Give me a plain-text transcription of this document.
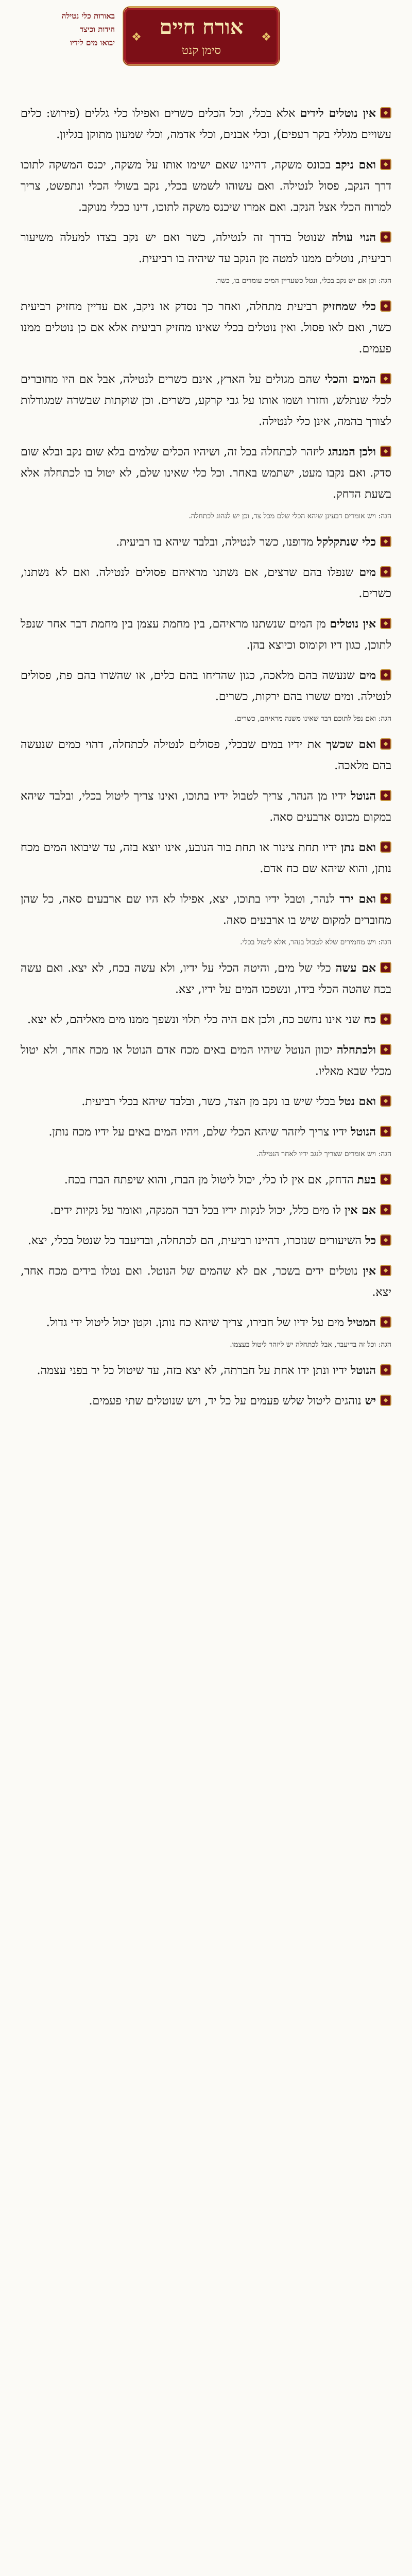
באורות כלי נטילה
הידות וכיצד
יבואו מים לידיו ❖	❖
אורח חיים
סימן קנט

אין נוטלים לידים אלא בכלי, וכל הכלים כשרים ואפילו כלי גללים (פירוש: כלים עשויים מגללי בקר רעפים), וכלי אבנים, וכלי אדמה, וכלי שמעון מתוקן בגליון.

ואם ניקב בכונס משקה, דהיינו שאם ישימו אותו על משקה, יכנס המשקה לתוכו דרך הנקב, פסול לנטילה. ואם עשוהו לשמש בכלי, נקב בשולי הכלי ונתפשט, צריך למרוח הכלי אצל הנקב. ואם אמרו שיכנס משקה לתוכו, דינו ככלי מנוקב.

הנוי עולה שנוטל בדרך זה לנטילה, כשר ואם יש נקב בצדו למעלה משיעור רביעית, נוטלים ממנו למטה מן הנקב עד שיהיה בו רביעית.

הגה: וכן אם יש נקב בכלי, ונטל כשעדיין המים עומדים בו, כשר.

כלי שמחזיק רביעית מתחלה, ואחר כך נסדק או ניקב, אם עדיין מחזיק רביעית כשר, ואם לאו פסול. ואין נוטלים בכלי שאינו מחזיק רביעית אלא אם כן נוטלים ממנו פעמים.

המים והכלי שהם מגולים על הארץ, אינם כשרים לנטילה, אבל אם היו מחוברים לכלי שנתלש, וחזרו ושמו אותו על גבי קרקע, כשרים. וכן שוקתות שבשדה שמגודלות לצורך בהמה, אינן כלי לנטילה.

ולכן המנהג ליזהר לכתחלה בכל זה, ושיהיו הכלים שלמים בלא שום נקב ובלא שום סדק. ואם נקבו מעט, ישתמש באחר. וכל כלי שאינו שלם, לא יטול בו לכתחלה אלא בשעת הדחק.

הגה: ויש אומרים דבעינן שיהא הכלי שלם מכל צד, וכן יש לנהוג לכתחלה.

כלי שנתקלקל מדופנו, כשר לנטילה, ובלבד שיהא בו רביעית.

מים שנפלו בהם שרצים, אם נשתנו מראיהם פסולים לנטילה. ואם לא נשתנו, כשרים.

אין נוטלים מן המים שנשתנו מראיהם, בין מחמת עצמן בין מחמת דבר אחר שנפל לתוכן, כגון דיו וקומוס וכיוצא בהן.

מים שנעשה בהם מלאכה, כגון שהדיחו בהם כלים, או שהשרו בהם פת, פסולים לנטילה. ומים ששרו בהם ירקות, כשרים.

הגה: ואם נפל לתוכם דבר שאינו משנה מראיהם, כשרים.

ואם שכשך את ידיו במים שבכלי, פסולים לנטילה לכתחלה, דהוי כמים שנעשה בהם מלאכה.

הנוטל ידיו מן הנהר, צריך לטבול ידיו בתוכו, ואינו צריך ליטול בכלי, ובלבד שיהא במקום מכונס ארבעים סאה.

ואם נתן ידיו תחת צינור או תחת בור הנובע, אינו יוצא בזה, עד שיבואו המים מכח נותן, והוא שיהא שם כח אדם.

ואם ירד לנהר, וטבל ידיו בתוכו, יצא, אפילו לא היו שם ארבעים סאה, כל שהן מחוברים למקום שיש בו ארבעים סאה.

הגה: ויש מחמירים שלא לטבול בנהר, אלא ליטול בכלי.

אם עשה כלי של מים, והיטה הכלי על ידיו, ולא עשה בכח, לא יצא. ואם עשה בכח שהטה הכלי בידו, ונשפכו המים על ידיו, יצא.

כח שני אינו נחשב כח, ולכן אם היה כלי תלוי ונשפך ממנו מים מאליהם, לא יצא.

ולכתחלה יכוון הנוטל שיהיו המים באים מכח אדם הנוטל או מכח אחר, ולא יטול מכלי שבא מאליו.

ואם נטל בכלי שיש בו נקב מן הצד, כשר, ובלבד שיהא בכלי רביעית.

הנוטל ידיו צריך ליזהר שיהא הכלי שלם, ויהיו המים באים על ידיו מכח נותן.

הגה: ויש אומרים שצריך לנגב ידיו לאחר הנטילה.

בעת הדחק, אם אין לו כלי, יכול ליטול מן הברז, והוא שיפתח הברז בכח.

אם אין לו מים כלל, יכול לנקות ידיו בכל דבר המנקה, ואומר על נקיות ידים.

כל השיעורים שנזכרו, דהיינו רביעית, הם לכתחלה, ובדיעבד כל שנטל בכלי, יצא.

אין נוטלים ידים בשכר, אם לא שהמים של הנוטל. ואם נטלו בידים מכח אחר, יצא.

המטיל מים על ידיו של חבירו, צריך שיהא כח נותן. וקטן יכול ליטול ידי גדול.

הגה: וכל זה בדיעבד, אבל לכתחלה יש ליזהר ליטול בעצמו.

הנוטל ידיו ונתן ידו אחת על חברתה, לא יצא בזה, עד שיטול כל יד בפני עצמה.

יש נוהגים ליטול שלש פעמים על כל יד, ויש שנוטלים שתי פעמים.
